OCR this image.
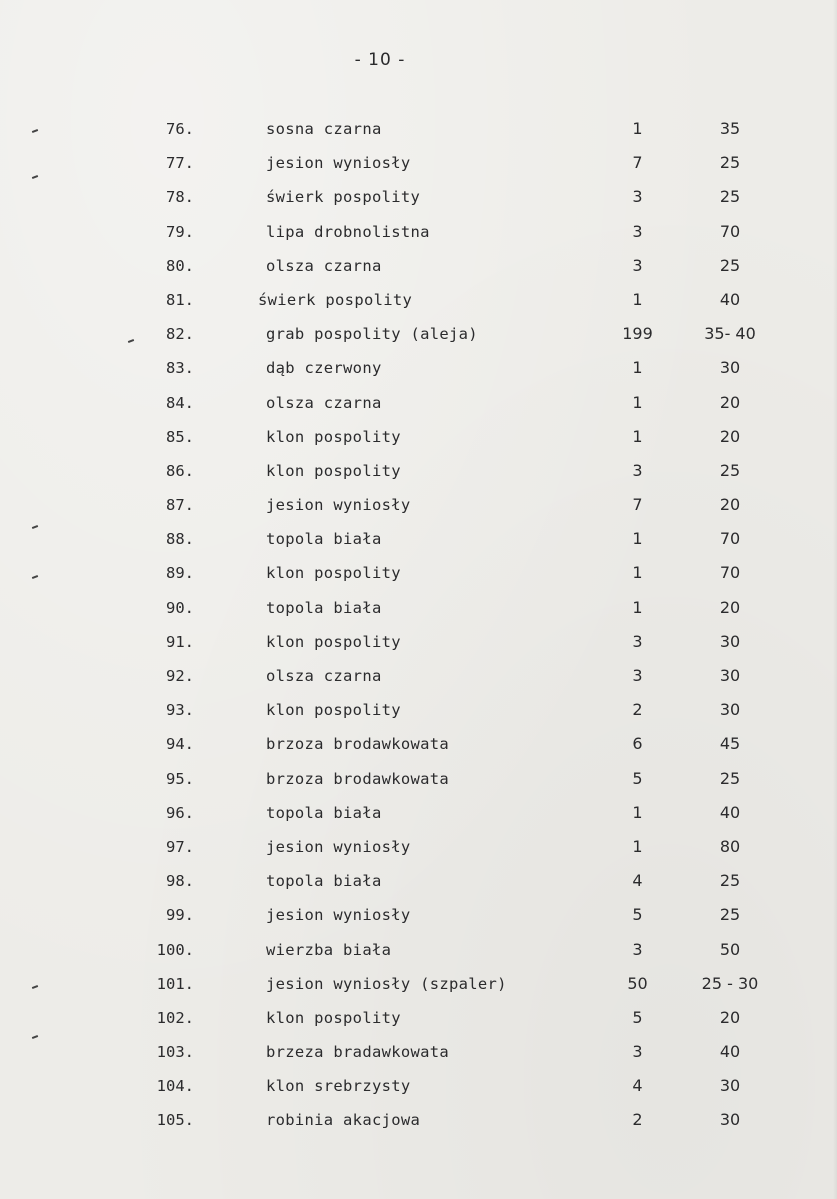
- 10 -
76.	sosna czarna	1	35
77.	jesion wyniosły	7	25
78.	świerk pospolity	3	25
79.	lipa drobnolistna	3	70
80.	olsza czarna	3	25
81.	świerk pospolity	1	40
82.	grab pospolity (aleja)	199	35- 40
83.	dąb czerwony	1	30
84.	olsza czarna	1	20
85.	klon pospolity	1	20
86.	klon pospolity	3	25
87.	jesion wyniosły	7	20
88.	topola biała	1	70
89.	klon pospolity	1	70
90.	topola biała	1	20
91.	klon pospolity	3	30
92.	olsza czarna	3	30
93.	klon pospolity	2	30
94.	brzoza brodawkowata	6	45
95.	brzoza brodawkowata	5	25
96.	topola biała	1	40
97.	jesion wyniosły	1	80
98.	topola biała	4	25
99.	jesion wyniosły	5	25
100.	wierzba biała	3	50
101.	jesion wyniosły (szpaler)	50	25 - 30
102.	klon pospolity	5	20
103.	brzeza bradawkowata	3	40
104.	klon srebrzysty	4	30
105.	robinia akacjowa	2	30
